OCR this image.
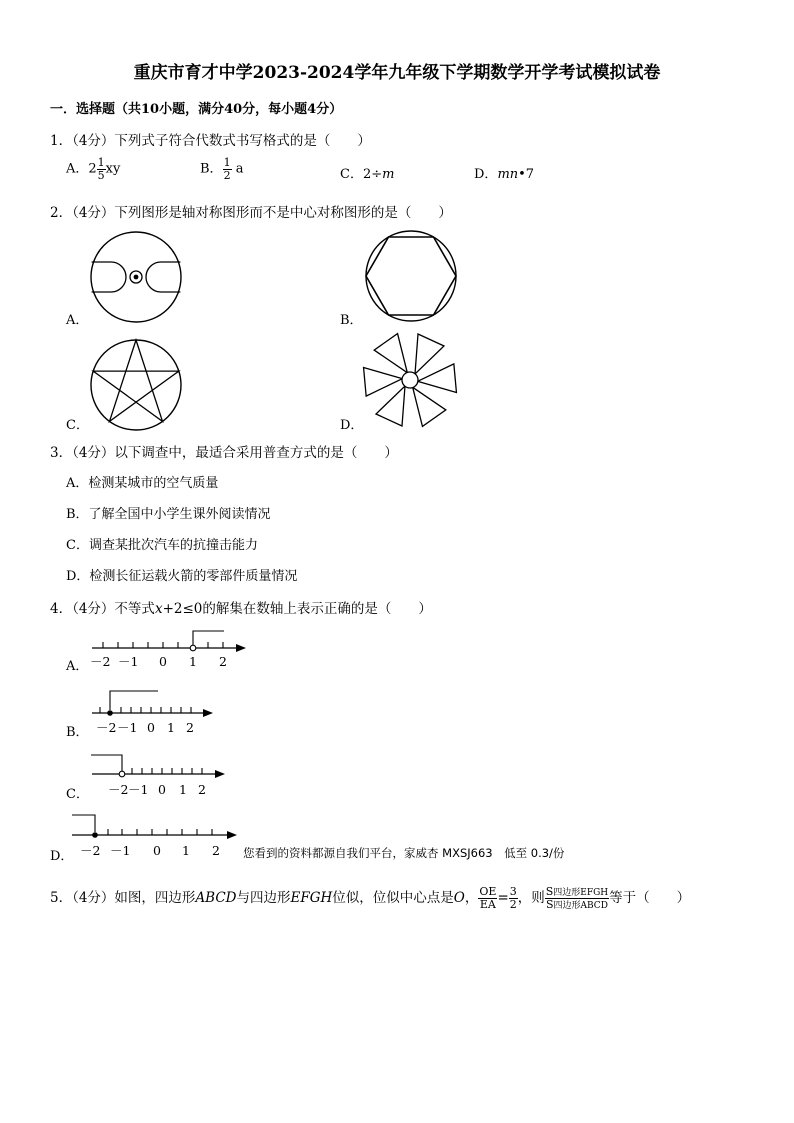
重庆市育才中学2023-2024学年九年级下学期数学开学考试模拟试卷
一．选择题（共10小题，满分40分，每小题4分）
1．（4分）下列式子符合代数式书写格式的是（　　）
A．$2 \frac{1}{5}$ xy	B． $\frac{1}{2}$ a	C．2÷m	D．mn•7
2．（4分）下列图形是轴对称图形而不是中心对称图形的是（　　）
A．	B．
C．	D．
3．（4分）以下调查中，最适合采用普查方式的是（　　）
A．检测某城市的空气质量
B．了解全国中小学生课外阅读情况
C．调查某批次汽车的抗撞击能力
D．检测长征运载火箭的零部件质量情况
4．（4分）不等式x+2≤0的解集在数轴上表示正确的是（　　）
A． －2 －1 0 1 2
B． －2 －1 0 1 2
C． －2 －1 0 1 2
D． －2 －1 0 1 2 您看到的资料都源自我们平台，家威杏 MXSJ663　低至 0.3/份
5．（4分）如图，四边形ABCD与四边形EFGH位似，位似中心点是O， $\frac{OE}{EA} = \frac{3}{2}$ ，则 $\frac{\text{S四边形EFGH}}{\text{S四边形ABCD}}$ 等于（　　）
